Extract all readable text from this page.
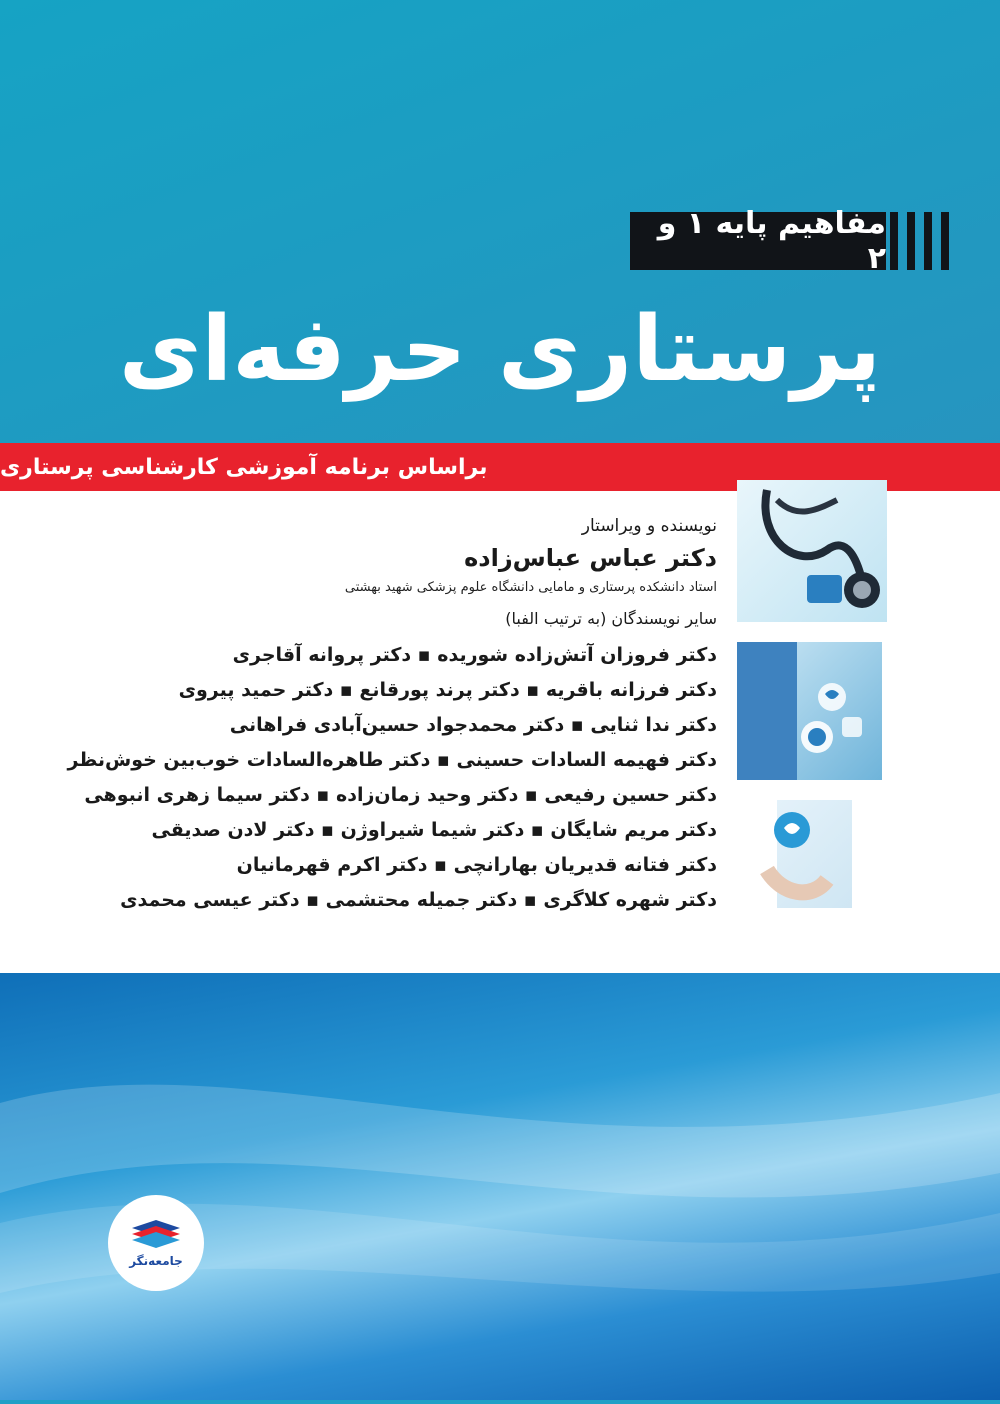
مفاهیم پایه ۱ و ۲
پرستاری حرفه‌ای
براساس برنامه آموزشی کارشناسی پرستاری
نویسنده و ویراستار
دکتر عباس عباس‌زاده
استاد دانشکده پرستاری و مامایی دانشگاه علوم پزشکی شهید بهشتی
سایر نویسندگان (به ترتیب الفبا)
دکتر فروزان آتش‌زاده شوریده ▪ دکتر پروانه آقاجری
دکتر فرزانه باقریه ▪ دکتر پرند پورقانع ▪ دکتر حمید پیروی
دکتر ندا ثنایی ▪ دکتر محمدجواد حسین‌آبادی فراهانی
دکتر فهیمه السادات حسینی ▪ دکتر طاهره‌السادات خوب‌بین خوش‌نظر
دکتر حسین رفیعی ▪ دکتر وحید زمان‌زاده ▪ دکتر سیما زهری انبوهی
دکتر مریم شایگان ▪ دکتر شیما شیراوژن ▪ دکتر لادن صدیقی
دکتر فتانه قدیریان بهارانچی ▪ دکتر اکرم قهرمانیان
دکتر شهره کلاگری ▪ دکتر جمیله محتشمی ▪ دکتر عیسی محمدی
جامعه‌نگر
